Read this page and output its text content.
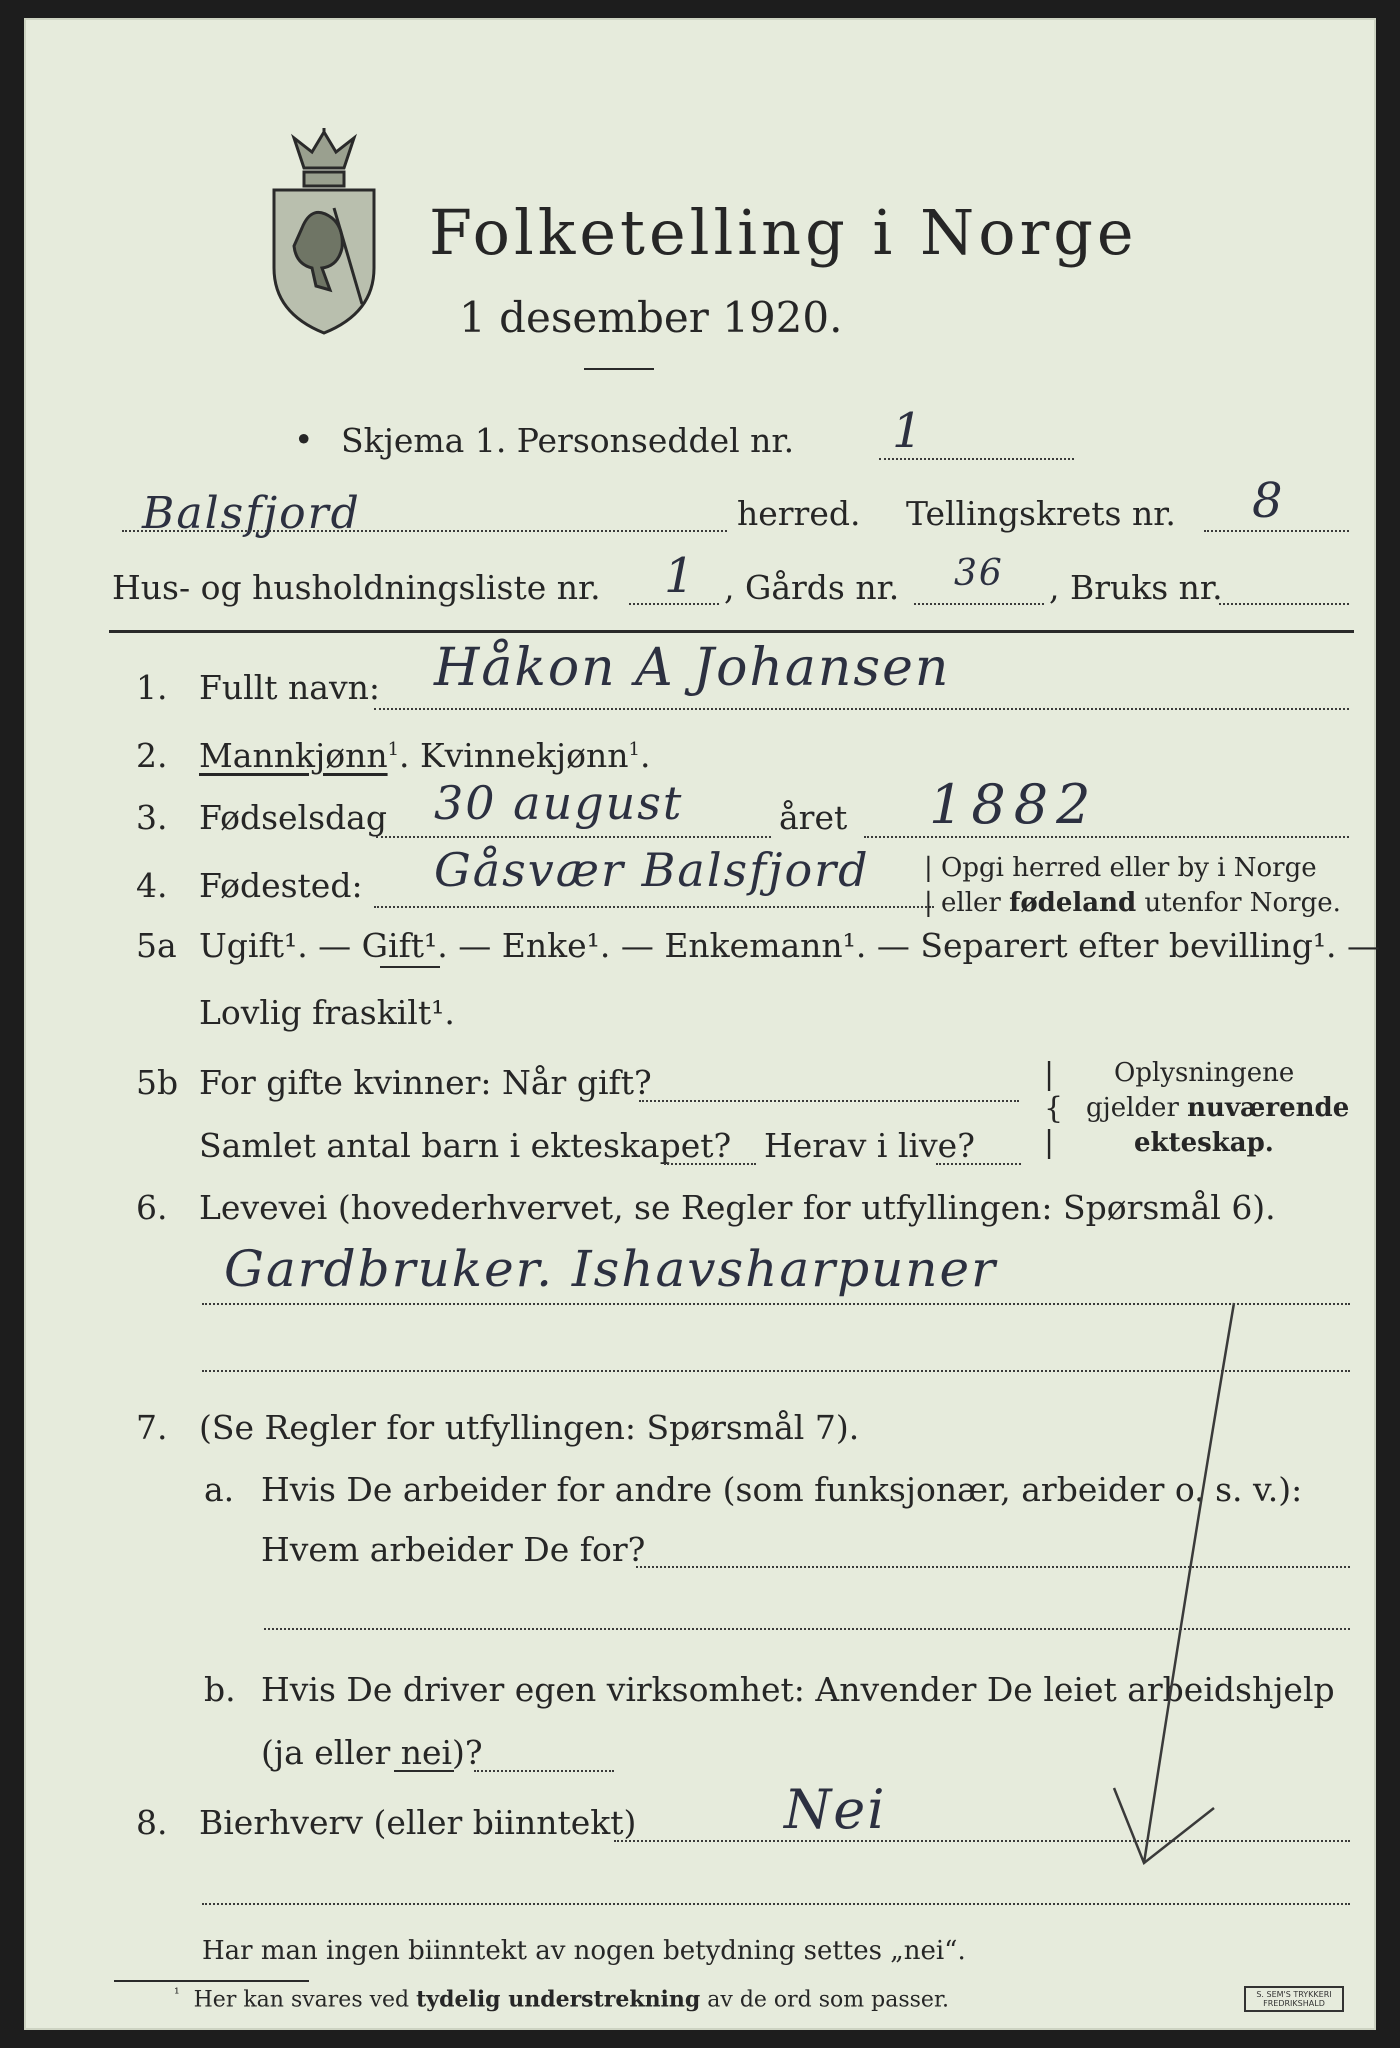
Folketelling i Norge
1 desember 1920.
• Skjema 1. Personseddel nr. 1
Balsfjord	herred. Tellingskrets nr. 8
Hus- og husholdningsliste nr. 1 , Gårds nr. 36 , Bruks nr.
1. Fullt navn: Håkon A Johansen
2. Mannkjønn$^1$. Kvinnekjønn$^1$.
3. Fødselsdag 30 august	året 1882
4. Fødested: Gåsvær Balsfjord | Opgi herred eller by i Norge
| eller fødeland utenfor Norge.
5a Ugift¹. — Gift¹. — Enke¹. — Enkemann¹. — Separert efter bevilling¹. —
Lovlig fraskilt¹.
5b For gifte kvinner: Når gift?
Samlet antal barn i ekteskapet? Herav i live?
|
{
|
Oplysningene
gjelder nuværende
ekteskap.
6. Levevei (hovederhvervet, se Regler for utfyllingen: Spørsmål 6).
Gardbruker. Ishavsharpuner
7. (Se Regler for utfyllingen: Spørsmål 7).
a. Hvis De arbeider for andre (som funksjonær, arbeider o. s. v.):
Hvem arbeider De for?
b. Hvis De driver egen virksomhet: Anvender De leiet arbeidshjelp
(ja eller nei)?
8. Bierhverv (eller biinntekt)	Nei
Har man ingen biinntekt av nogen betydning settes „nei“.
$^{^1}$ Her kan svares ved tydelig understrekning av de ord som passer.	S. SEM'S TRYKKERI FREDRIKSHALD
